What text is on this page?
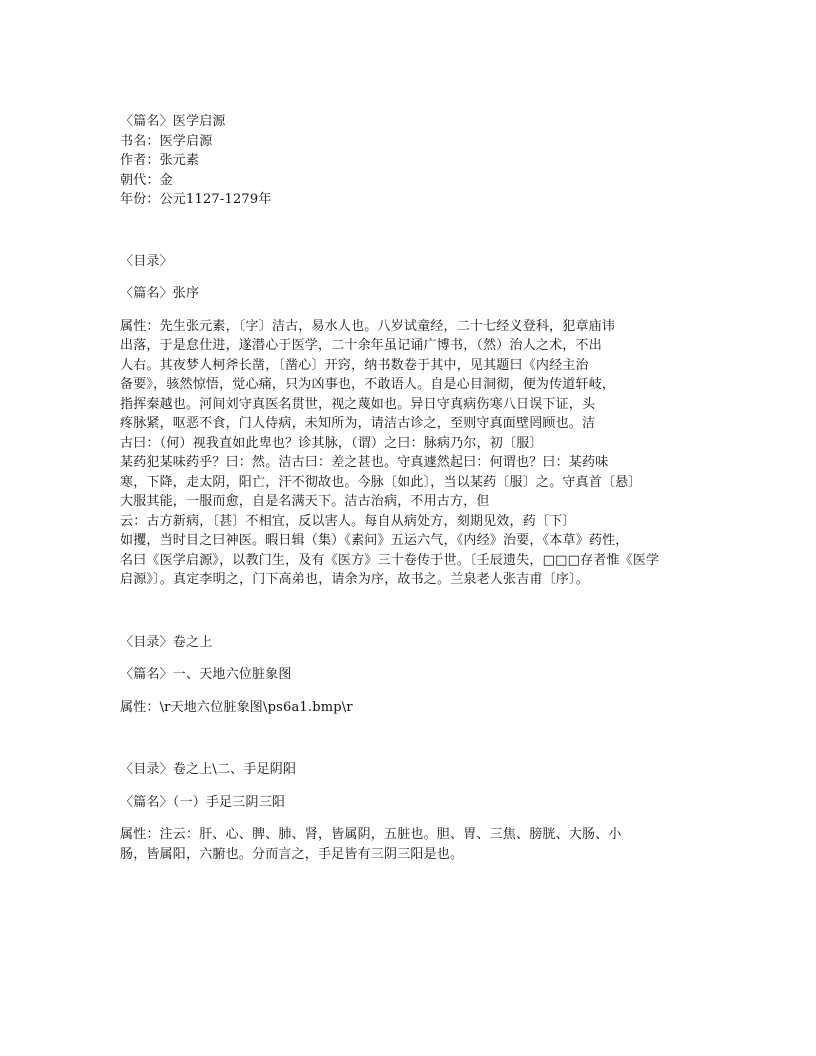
〈篇名〉医学启源
书名：医学启源
作者：张元素
朝代：金
年份：公元1127-1279年
〈目录〉
〈篇名〉张序
属性：先生张元素，〔字〕洁古，易水人也。八岁试童经，二十七经义登科，犯章庙讳
出落，于是怠仕进，遂潜心于医学，二十余年虽记诵广博书，（然）治人之术，不出
人右。其夜梦人柯斧长凿，〔凿心〕开窍，纳书数卷于其中，见其题曰《内经主治
备要》，骇然惊悟，觉心痛，只为凶事也，不敢语人。自是心目洞彻，便为传道轩岐，
指挥秦越也。河间刘守真医名贯世，视之蔑如也。异日守真病伤寒八日误下证，头
疼脉紧，呕恶不食，门人侍病，未知所为，请洁古诊之，至则守真面壁罔顾也。洁
古曰：（何）视我直如此卑也？诊其脉，（谓）之曰：脉病乃尔，初〔服〕
某药犯某味药乎？曰：然。洁古曰：差之甚也。守真遽然起曰：何谓也？曰：某药味
寒，下降，走太阴，阳亡，汗不彻故也。今脉〔如此〕，当以某药〔服〕之。守真首〔悬〕
大服其能，一服而愈，自是名满天下。洁古治病，不用古方，但
云：古方新病，〔甚〕不相宜，反以害人。每自从病处方，刻期见效，药〔下〕
如攫，当时目之曰神医。暇日辑（集）《素问》五运六气，《内经》治要，《本草》药性，
名曰《医学启源》，以教门生，及有《医方》三十卷传于世。〔壬辰遗失，□□□存者惟《医学
启源》〕。真定李明之，门下高弟也，请余为序，故书之。兰泉老人张吉甫〔序〕。
〈目录〉卷之上
〈篇名〉一、天地六位脏象图
属性：\r天地六位脏象图\ps6a1.bmp\r
〈目录〉卷之上\二、手足阴阳
〈篇名〉（一）手足三阴三阳
属性：注云：肝、心、脾、肺、肾，皆属阴，五脏也。胆、胃、三焦、膀胱、大肠、小
肠，皆属阳，六腑也。分而言之，手足皆有三阴三阳是也。
